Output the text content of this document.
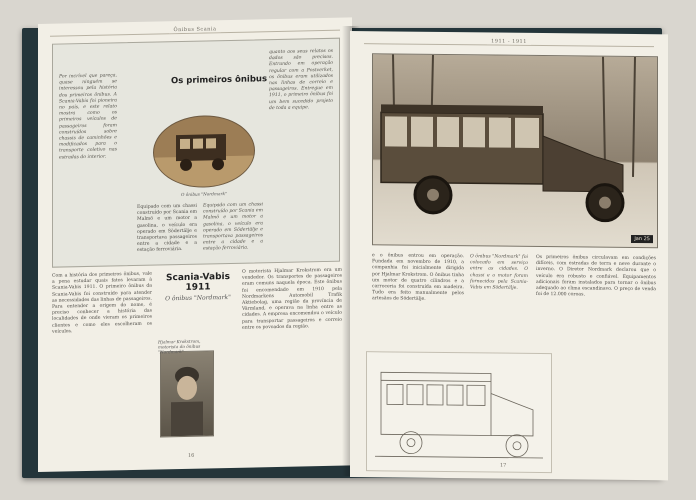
Ônibus Scania
Por incrível que pareça, quase ninguém se interessou pela história dos primeiros ônibus. A Scania-Vabis foi pioneira no país, e este relato mostra como os primeiros veículos de passageiros foram construídos sobre chassis de caminhões e modificados para o transporte coletivo nas estradas do interior.
Os primeiros ônibus
O ônibus "Nordmark"
Equipado com um chassi construído por Scania em Malmö e um motor a gasolina, o veículo era operado em Södertälje e transportava passageiros entre a cidade e a estação ferroviária.
Equipado com um chassi construído por Scania em Malmö e um motor a gasolina, o veículo era operado em Södertälje e transportava passageiros entre a cidade e a estação ferroviária.
quanto aos seus relatos os dados são precisos. Entrando em operação regular com a Postverket, os ônibus eram utilizados nas linhas de correio e passageiros. Entregue em 1911, o primeiro ônibus foi um bem sucedido projeto de toda a equipe.
Com a história dos primeiros ônibus, vale a pena estudar quais fatos levaram à Scania-Vabis 1911. O primeiro ônibus da Scania-Vabis foi construído para atender as necessidades das linhas de passageiros. Para entender a origem do nome, é preciso conhecer a história das localidades de onde vieram os primeiros clientes e como eles escolheram os veículos.
Scania-Vabis 1911
O ônibus "Nordmark"
Hjalmar Krokstrom, motorista do ônibus "Nordmark"
O motorista Hjalmar Krokstrom era um vendedor. Os transportes de passageiros eram comuns naquela época. Este ônibus foi encomendado em 1910 pela Nordmarkens Automobil Trafik Aktiebolag, uma região da província de Värmland, e operava na linha entre as cidades. A empresa encomendou o veículo para transportar passageiros e correio entre os povoados da região.
16
1911 - 1911
Jan 25
e o ônibus entrou em operação. Fundada em novembro de 1910, a companhia foi inicialmente dirigida por Hjalmar Krokstrom. O ônibus tinha um motor de quatro cilindros e a carroceria foi construída em madeira. Tudo era feito manualmente pelos artesãos de Södertälje.
O ônibus "Nordmark" foi colocado em serviço entre as cidades. O chassi e o motor foram fornecidos pela Scania-Vabis em Södertälje.
Os primeiros ônibus circulavam em condições difíceis, com estradas de terra e neve durante o inverno. O Diretor Nordmark declarou que o veículo era robusto e confiável. Equipamentos adicionais foram instalados para tornar o ônibus adequado ao clima escandinavo. O preço de venda foi de 12.000 coroas.
17
